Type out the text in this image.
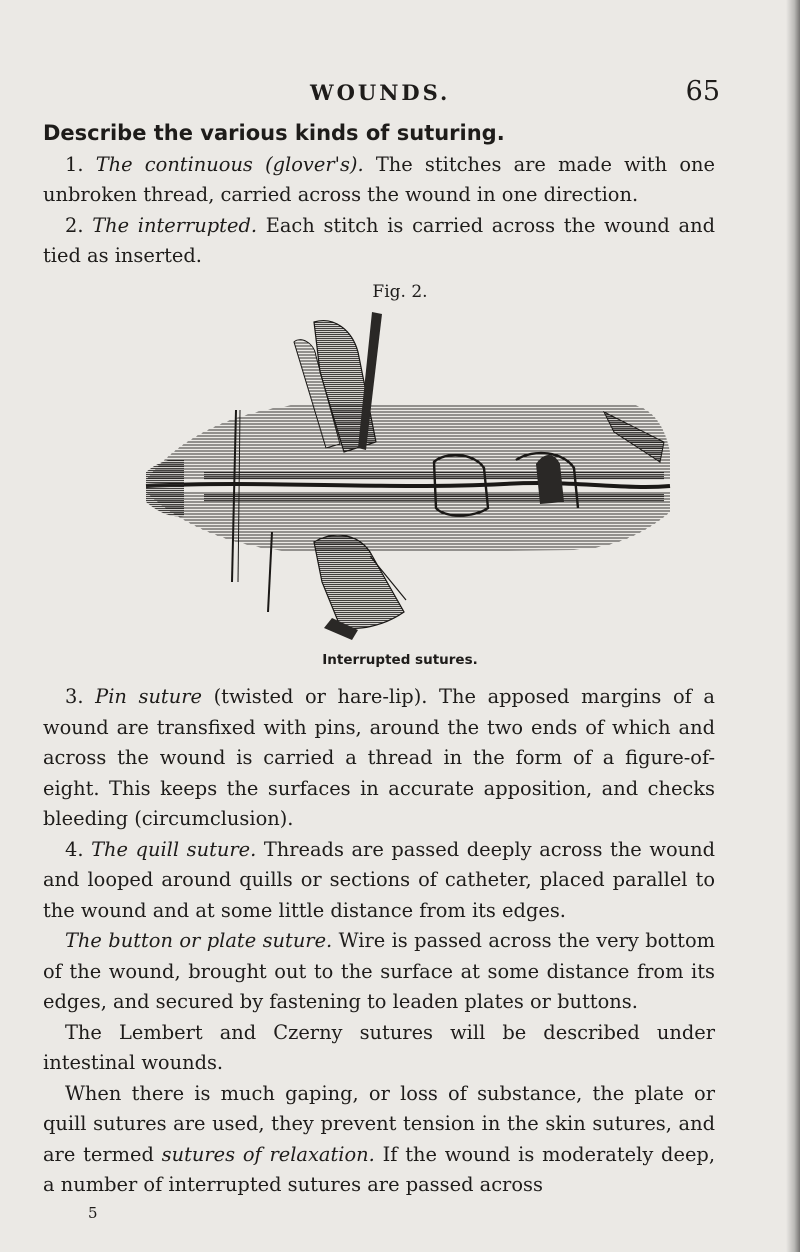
WOUNDS.	65

Describe the various kinds of suturing.

1. The continuous (glover's). The stitches are made with one unbroken thread, carried across the wound in one direction.

2. The interrupted. Each stitch is carried across the wound and tied as inserted.

Fig. 2.
Interrupted sutures.

3. Pin suture (twisted or hare-lip). The apposed margins of a wound are transfixed with pins, around the two ends of which and across the wound is carried a thread in the form of a figure-of-eight. This keeps the surfaces in accurate apposition, and checks bleeding (circumclusion).

4. The quill suture. Threads are passed deeply across the wound and looped around quills or sections of catheter, placed parallel to the wound and at some little distance from its edges.

The button or plate suture. Wire is passed across the very bottom of the wound, brought out to the surface at some distance from its edges, and secured by fastening to leaden plates or buttons.

The Lembert and Czerny sutures will be described under intestinal wounds.

When there is much gaping, or loss of substance, the plate or quill sutures are used, they prevent tension in the skin sutures, and are termed sutures of relaxation. If the wound is moderately deep, a number of interrupted sutures are passed across

5
